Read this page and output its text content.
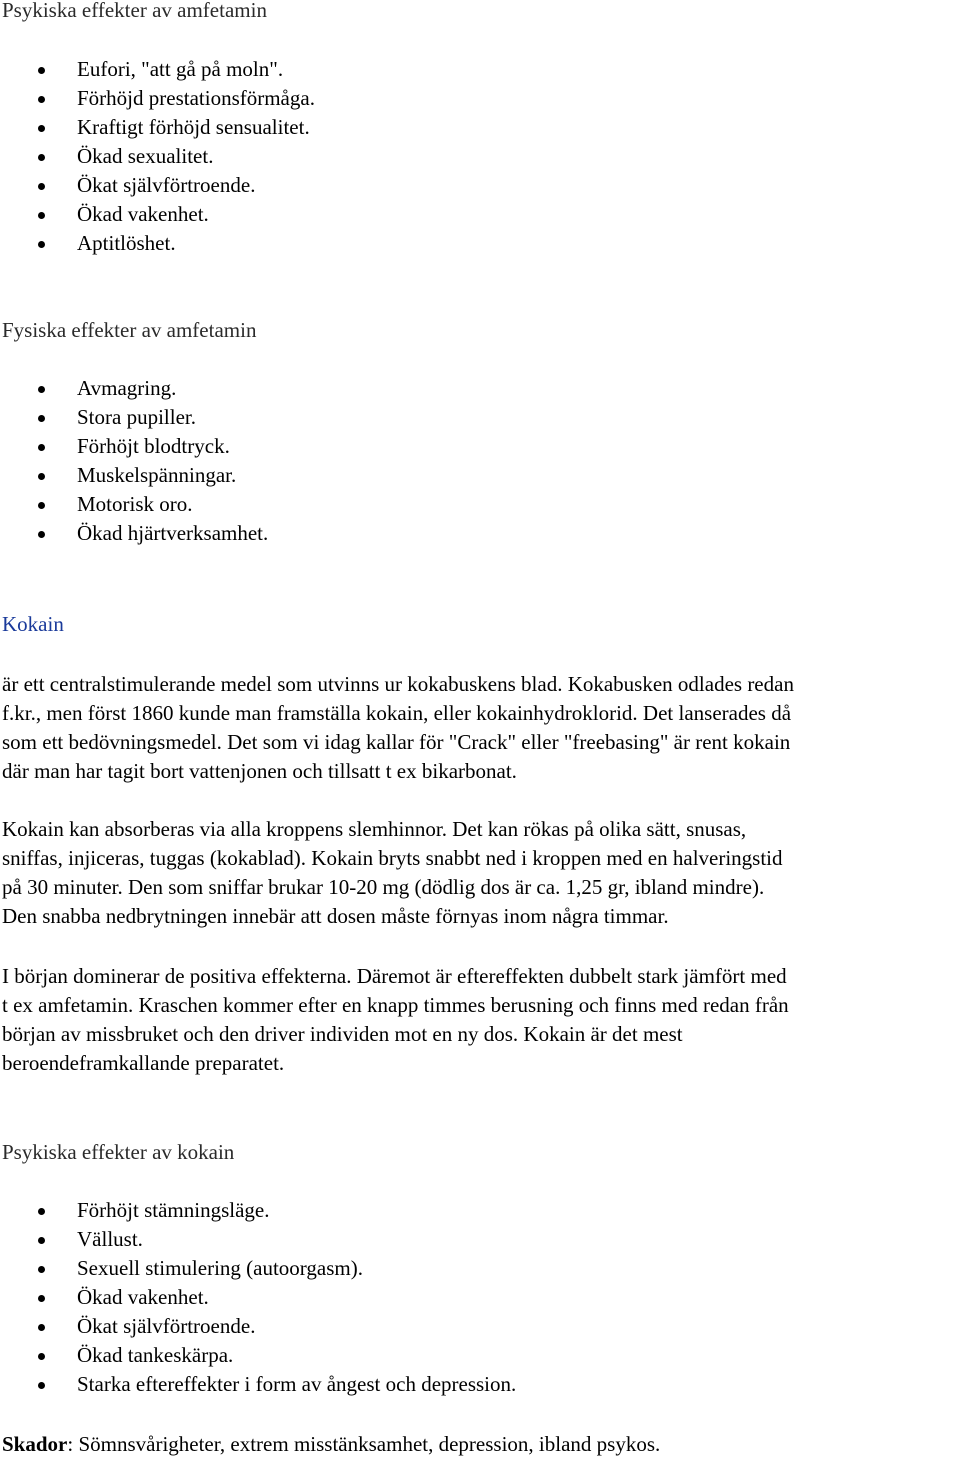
Psykiska effekter av amfetamin
Eufori, "att gå på moln".
Förhöjd prestationsförmåga.
Kraftigt förhöjd sensualitet.
Ökad sexualitet.
Ökat självförtroende.
Ökad vakenhet.
Aptitlöshet.
Fysiska effekter av amfetamin
Avmagring.
Stora pupiller.
Förhöjt blodtryck.
Muskelspänningar.
Motorisk oro.
Ökad hjärtverksamhet.
Kokain
är ett centralstimulerande medel som utvinns ur kokabuskens blad. Kokabusken odlades redan
f.kr., men först 1860 kunde man framställa kokain, eller kokainhydroklorid. Det lanserades då
som ett bedövningsmedel. Det som vi idag kallar för "Crack" eller "freebasing" är rent kokain
där man har tagit bort vattenjonen och tillsatt t ex bikarbonat.
Kokain kan absorberas via alla kroppens slemhinnor. Det kan rökas på olika sätt, snusas,
sniffas, injiceras, tuggas (kokablad). Kokain bryts snabbt ned i kroppen med en halveringstid
på 30 minuter. Den som sniffar brukar 10-20 mg (dödlig dos är ca. 1,25 gr, ibland mindre).
Den snabba nedbrytningen innebär att dosen måste förnyas inom några timmar.
I början dominerar de positiva effekterna. Däremot är eftereffekten dubbelt stark jämfört med
t ex amfetamin. Kraschen kommer efter en knapp timmes berusning och finns med redan från
början av missbruket och den driver individen mot en ny dos. Kokain är det mest
beroendeframkallande preparatet.
Psykiska effekter av kokain
Förhöjt stämningsläge.
Vällust.
Sexuell stimulering (autoorgasm).
Ökad vakenhet.
Ökat självförtroende.
Ökad tankeskärpa.
Starka eftereffekter i form av ångest och depression.
Skador: Sömnsvårigheter, extrem misstänksamhet, depression, ibland psykos.
